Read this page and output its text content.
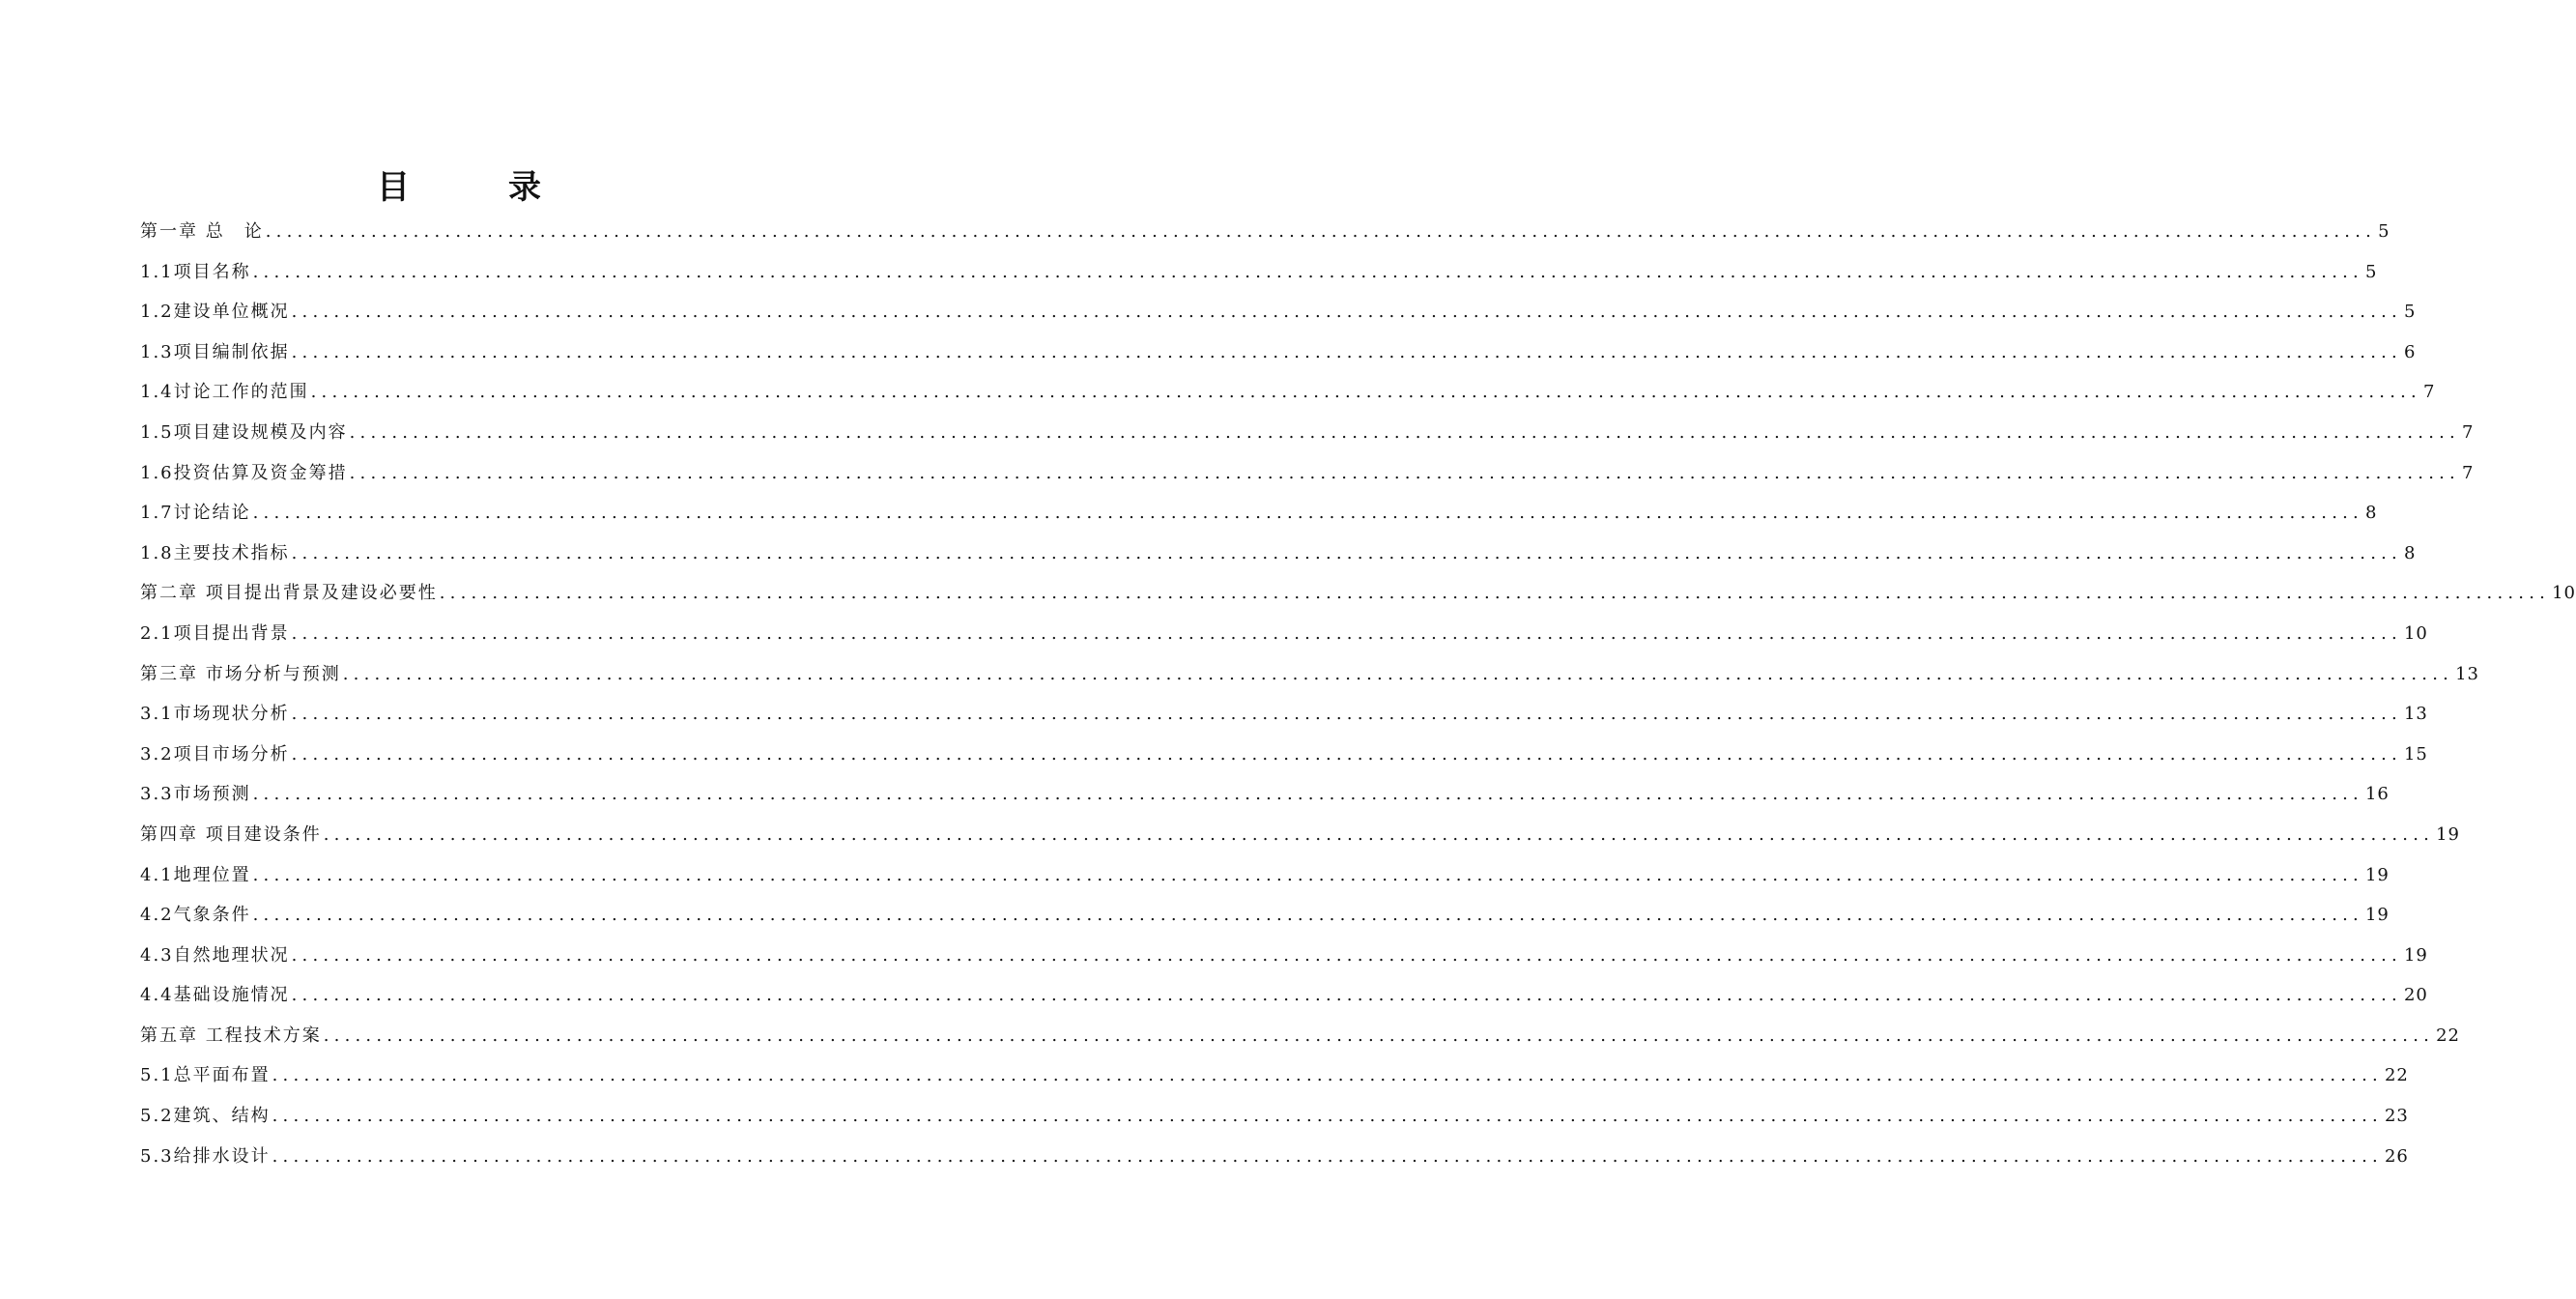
目　录
第一章 总　论 ........................................................................................................................................................................................................ 5
1.1项目名称 ........................................................................................................................................................................................................ 5
1.2建设单位概况 ........................................................................................................................................................................................................ 5
1.3项目编制依据 ........................................................................................................................................................................................................ 6
1.4讨论工作的范围 ........................................................................................................................................................................................................ 7
1.5项目建设规模及内容 ........................................................................................................................................................................................................ 7
1.6投资估算及资金筹措 ........................................................................................................................................................................................................ 7
1.7讨论结论 ........................................................................................................................................................................................................ 8
1.8主要技术指标 ........................................................................................................................................................................................................ 8
第二章 项目提出背景及建设必要性 ........................................................................................................................................................................................................ 10
2.1项目提出背景 ........................................................................................................................................................................................................ 10
第三章 市场分析与预测 ........................................................................................................................................................................................................ 13
3.1市场现状分析 ........................................................................................................................................................................................................ 13
3.2项目市场分析 ........................................................................................................................................................................................................ 15
3.3市场预测 ........................................................................................................................................................................................................ 16
第四章 项目建设条件 ........................................................................................................................................................................................................ 19
4.1地理位置 ........................................................................................................................................................................................................ 19
4.2气象条件 ........................................................................................................................................................................................................ 19
4.3自然地理状况 ........................................................................................................................................................................................................ 19
4.4基础设施情况 ........................................................................................................................................................................................................ 20
第五章 工程技术方案 ........................................................................................................................................................................................................ 22
5.1总平面布置 ........................................................................................................................................................................................................ 22
5.2建筑、结构 ........................................................................................................................................................................................................ 23
5.3给排水设计 ........................................................................................................................................................................................................ 26
